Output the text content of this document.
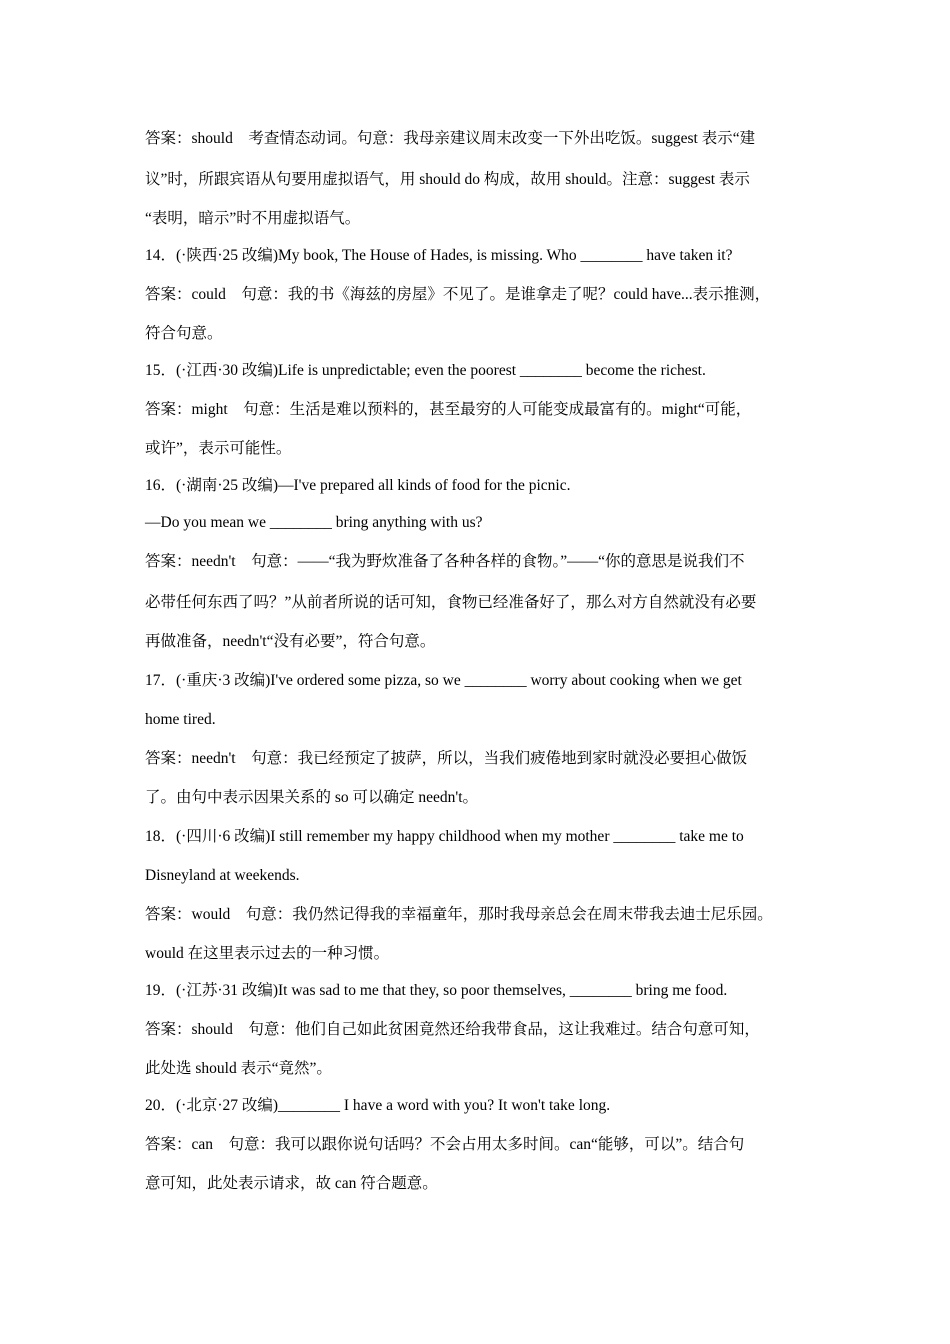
答案：should　考查情态动词。句意：我母亲建议周末改变一下外出吃饭。suggest 表示“建
议”时，所跟宾语从句要用虚拟语气，用 should do 构成，故用 should。注意：suggest 表示
“表明，暗示”时不用虚拟语气。
14．(·陕西·25 改编)My book, The House of Hades, is missing. Who ________ have taken it?
答案：could　句意：我的书《海兹的房屋》不见了。是谁拿走了呢？could have...表示推测，
符合句意。
15．(·江西·30 改编)Life is unpredictable; even the poorest ________ become the richest.
答案：might　句意：生活是难以预料的，甚至最穷的人可能变成最富有的。might“可能，
或许”，表示可能性。
16．(·湖南·25 改编)—I've prepared all kinds of food for the picnic.
—Do you mean we ________ bring anything with us?
答案：needn't　句意：——“我为野炊准备了各种各样的食物。”——“你的意思是说我们不
必带任何东西了吗？”从前者所说的话可知，食物已经准备好了，那么对方自然就没有必要
再做准备，needn't“没有必要”，符合句意。
17．(·重庆·3 改编)I've ordered some pizza, so we ________ worry about cooking when we get
home tired.
答案：needn't　句意：我已经预定了披萨，所以，当我们疲倦地到家时就没必要担心做饭
了。由句中表示因果关系的 so 可以确定 needn't。
18．(·四川·6 改编)I still remember my happy childhood when my mother ________ take me to
Disneyland at weekends.
答案：would　句意：我仍然记得我的幸福童年，那时我母亲总会在周末带我去迪士尼乐园。
would 在这里表示过去的一种习惯。
19．(·江苏·31 改编)It was sad to me that they, so poor themselves, ________ bring me food.
答案：should　句意：他们自己如此贫困竟然还给我带食品，这让我难过。结合句意可知，
此处选 should 表示“竟然”。
20．(·北京·27 改编)________ I have a word with you? It won't take long.
答案：can　句意：我可以跟你说句话吗？不会占用太多时间。can“能够，可以”。结合句
意可知，此处表示请求，故 can 符合题意。
